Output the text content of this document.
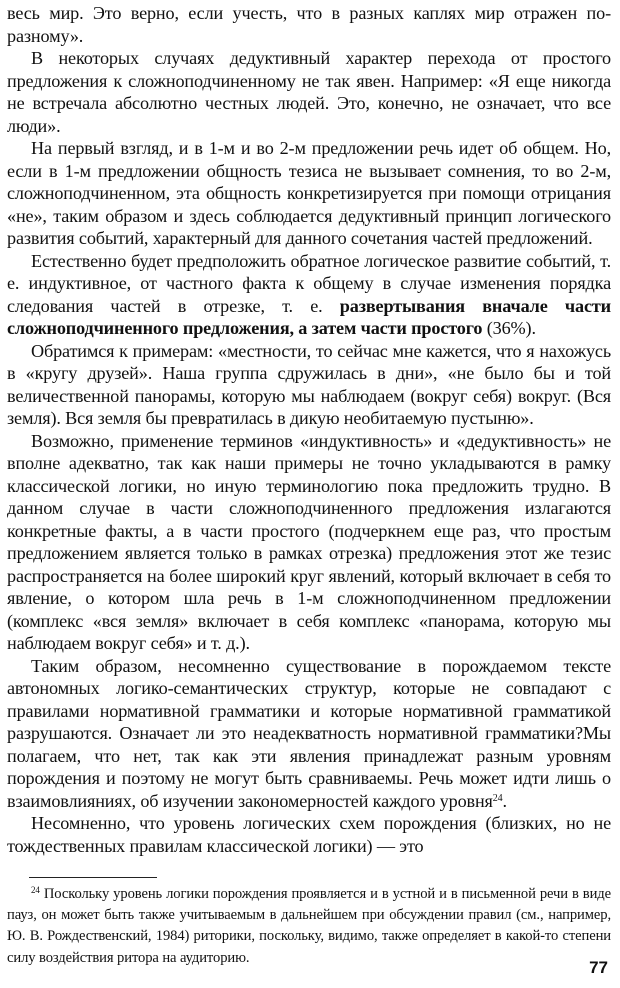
весь мир. Это верно, если учесть, что в разных каплях мир отражен по-разному».

В некоторых случаях дедуктивный характер перехода от простого предложения к сложноподчиненному не так явен. Например: «Я еще никогда не встречала абсолютно честных людей. Это, конечно, не означает, что все люди».

На первый взгляд, и в 1-м и во 2-м предложении речь идет об общем. Но, если в 1-м предложении общность тезиса не вызывает сомнения, то во 2-м, сложноподчиненном, эта общность конкретизируется при помощи отрицания «не», таким образом и здесь соблюдается дедуктивный принцип логического развития событий, характерный для данного сочетания частей предложений.

Естественно будет предположить обратное логическое развитие событий, т. е. индуктивное, от частного факта к общему в случае изменения порядка следования частей в отрезке, т. е. развертывания вначале части сложноподчиненного предложения, а затем части простого (36%).

Обратимся к примерам: «местности, то сейчас мне кажется, что я нахожусь в «кругу друзей». Наша группа сдружилась в дни», «не было бы и той величественной панорамы, которую мы наблюдаем (вокруг себя) вокруг. (Вся земля). Вся земля бы превратилась в дикую необитаемую пустыню».

Возможно, применение терминов «индуктивность» и «дедуктивность» не вполне адекватно, так как наши примеры не точно укладываются в рамку классической логики, но иную терминологию пока предложить трудно. В данном случае в части сложноподчиненного предложения излагаются конкретные факты, а в части простого (подчеркнем еще раз, что простым предложением является только в рамках отрезка) предложения этот же тезис распространяется на более широкий круг явлений, который включает в себя то явление, о котором шла речь в 1-м сложноподчиненном предложении (комплекс «вся земля» включает в себя комплекс «панорама, которую мы наблюдаем вокруг себя» и т. д.).

Таким образом, несомненно существование в порождаемом тексте автономных логико-семантических структур, которые не совпадают с правилами нормативной грамматики и которые нормативной грамматикой разрушаются. Означает ли это неадекватность нормативной грамматики?Мы полагаем, что нет, так как эти явления принадлежат разным уровням порождения и поэтому не могут быть сравниваемы. Речь может идти лишь о взаимовлияниях, об изучении закономерностей каждого уровня$^{24}$.

Несомненно, что уровень логических схем порождения (близких, но не тождественных правилам классической логики) — это

$^{24}$ Поскольку уровень логики порождения проявляется и в устной и в письменной речи в виде пауз, он может быть также учитываемым в дальнейшем при обсуждении правил (см., например, Ю. В. Рождественский, 1984) риторики, поскольку, видимо, также определяет в какой-то степени силу воздействия ритора на аудиторию.

77
